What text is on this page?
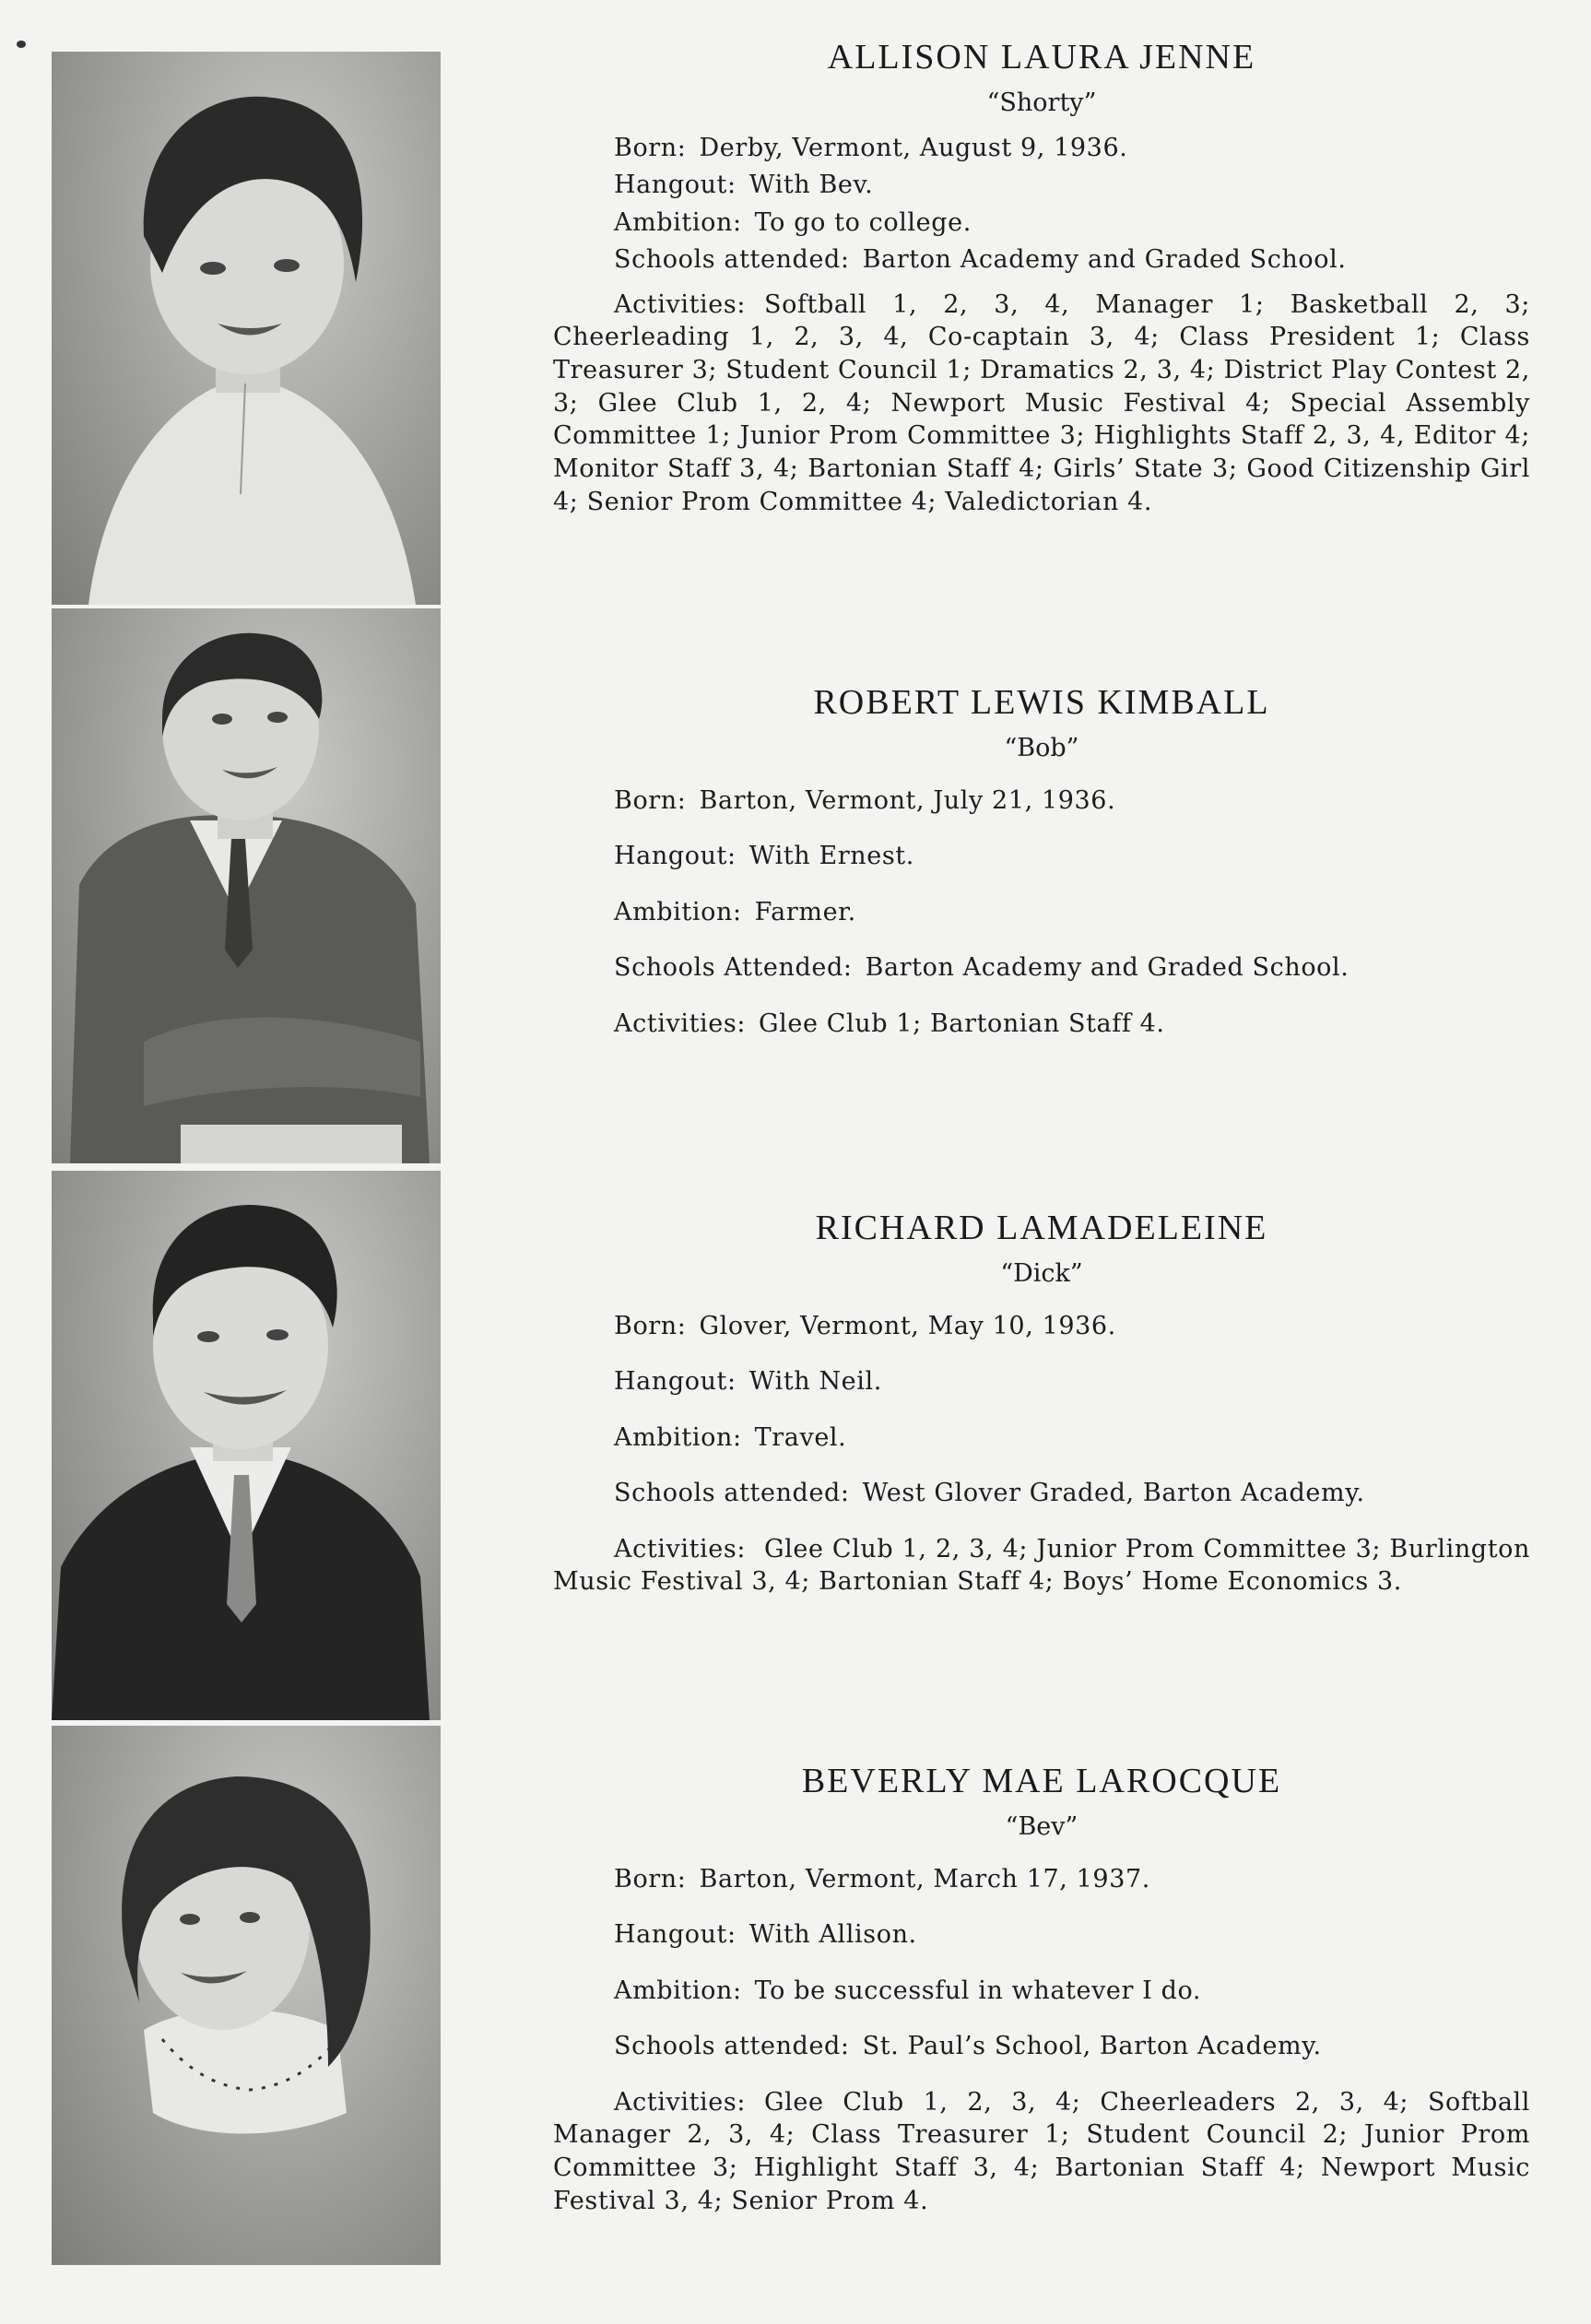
ALLISON LAURA JENNE

“Shorty”

Born: Derby, Vermont, August 9, 1936.

Hangout: With Bev.

Ambition: To go to college.

Schools attended: Barton Academy and Graded School.

Activities: Softball 1, 2, 3, 4, Manager 1; Basketball 2, 3; Cheerleading 1, 2, 3, 4, Co-captain 3, 4; Class President 1; Class Treasurer 3; Student Council 1; Dramatics 2, 3, 4; District Play Contest 2, 3; Glee Club 1, 2, 4; Newport Music Festival 4; Special Assembly Committee 1; Junior Prom Committee 3; Highlights Staff 2, 3, 4, Editor 4; Monitor Staff 3, 4; Bartonian Staff 4; Girls’ State 3; Good Citizenship Girl 4; Senior Prom Committee 4; Valedictorian 4.

ROBERT LEWIS KIMBALL

“Bob”

Born: Barton, Vermont, July 21, 1936.

Hangout: With Ernest.

Ambition: Farmer.

Schools Attended: Barton Academy and Graded School.

Activities: Glee Club 1; Bartonian Staff 4.

RICHARD LAMADELEINE

“Dick”

Born: Glover, Vermont, May 10, 1936.

Hangout: With Neil.

Ambition: Travel.

Schools attended: West Glover Graded, Barton Academy.

Activities: Glee Club 1, 2, 3, 4; Junior Prom Committee 3; Burlington Music Festival 3, 4; Bartonian Staff 4; Boys’ Home Economics 3.

BEVERLY MAE LAROCQUE

“Bev”

Born: Barton, Vermont, March 17, 1937.

Hangout: With Allison.

Ambition: To be successful in whatever I do.

Schools attended: St. Paul’s School, Barton Academy.

Activities: Glee Club 1, 2, 3, 4; Cheerleaders 2, 3, 4; Softball Manager 2, 3, 4; Class Treasurer 1; Student Council 2; Junior Prom Committee 3; Highlight Staff 3, 4; Bartonian Staff 4; Newport Music Festival 3, 4; Senior Prom 4.
